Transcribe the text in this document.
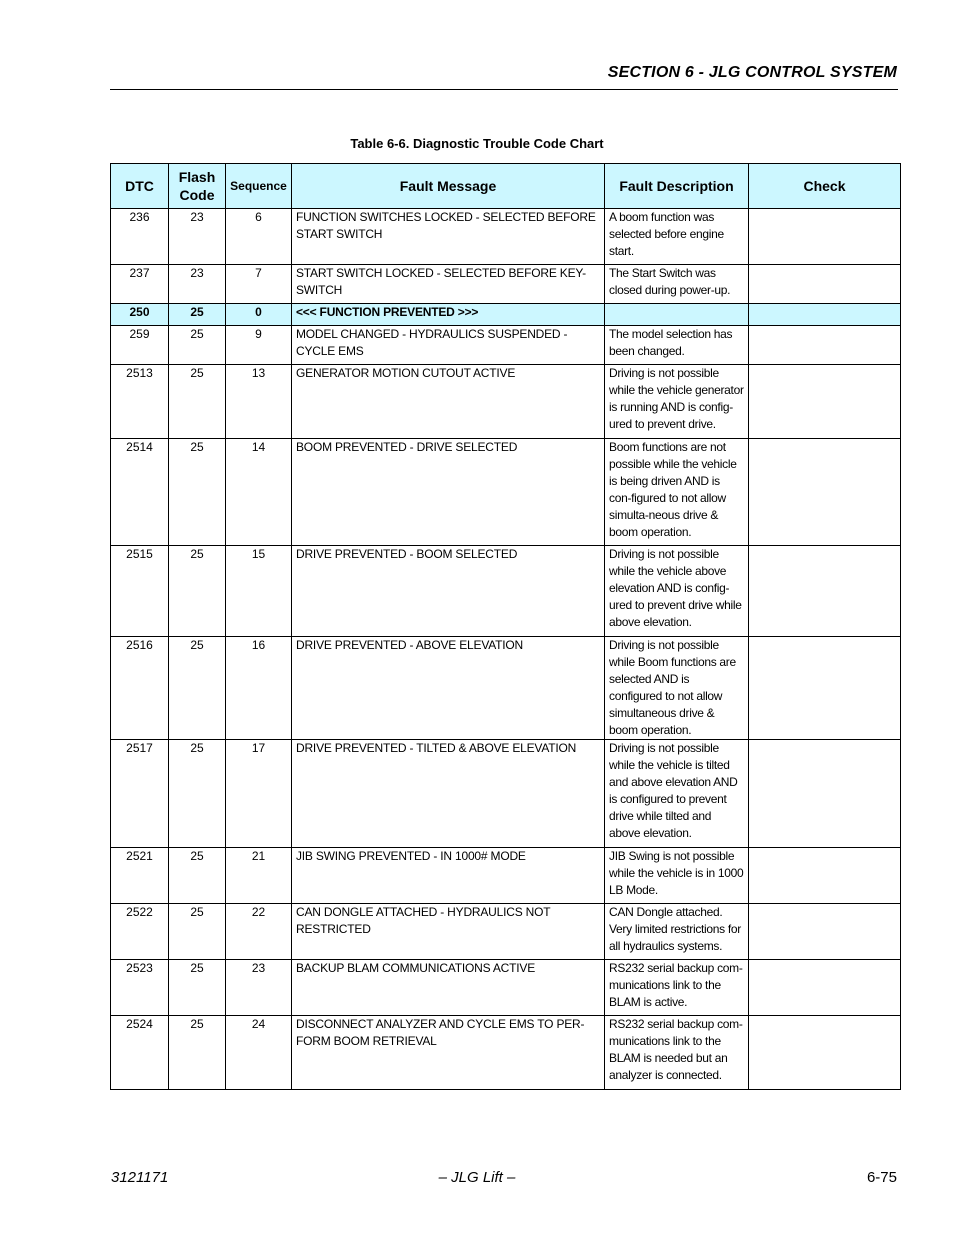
SECTION 6 - JLG CONTROL SYSTEM
Table 6-6. Diagnostic Trouble Code Chart
DTC	Flash Code	Sequence	Fault Message	Fault Description	Check
236	23	6	FUNCTION SWITCHES LOCKED - SELECTED BEFORE START SWITCH	A boom function was selected before engine start.	
237	23	7	START SWITCH LOCKED - SELECTED BEFORE KEY-SWITCH	The Start Switch was closed during power-up.	
250	25	0	<<< FUNCTION PREVENTED >>>		
259	25	9	MODEL CHANGED - HYDRAULICS SUSPENDED - CYCLE EMS	The model selection has been changed.	
2513	25	13	GENERATOR MOTION CUTOUT ACTIVE	Driving is not possible while the vehicle generator is running AND is config-ured to prevent drive.	
2514	25	14	BOOM PREVENTED - DRIVE SELECTED	Boom functions are not possible while the vehicle is being driven AND is con-figured to not allow simulta-neous drive & boom operation.	
2515	25	15	DRIVE PREVENTED - BOOM SELECTED	Driving is not possible while the vehicle above elevation AND is config-ured to prevent drive while above elevation.	
2516	25	16	DRIVE PREVENTED - ABOVE ELEVATION	Driving is not possible while Boom functions are selected AND is configured to not allow simultaneous drive & boom operation.	
2517	25	17	DRIVE PREVENTED - TILTED & ABOVE ELEVATION	Driving is not possible while the vehicle is tilted and above elevation AND is configured to prevent drive while tilted and above elevation.	
2521	25	21	JIB SWING PREVENTED - IN 1000# MODE	JIB Swing is not possible while the vehicle is in 1000 LB Mode.	
2522	25	22	CAN DONGLE ATTACHED - HYDRAULICS NOT RESTRICTED	CAN Dongle attached. Very limited restrictions for all hydraulics systems.	
2523	25	23	BACKUP BLAM COMMUNICATIONS ACTIVE	RS232 serial backup com-munications link to the BLAM is active.	
2524	25	24	DISCONNECT ANALYZER AND CYCLE EMS TO PER-FORM BOOM RETRIEVAL	RS232 serial backup com-munications link to the BLAM is needed but an analyzer is connected.	
3121171	– JLG Lift –	6-75
